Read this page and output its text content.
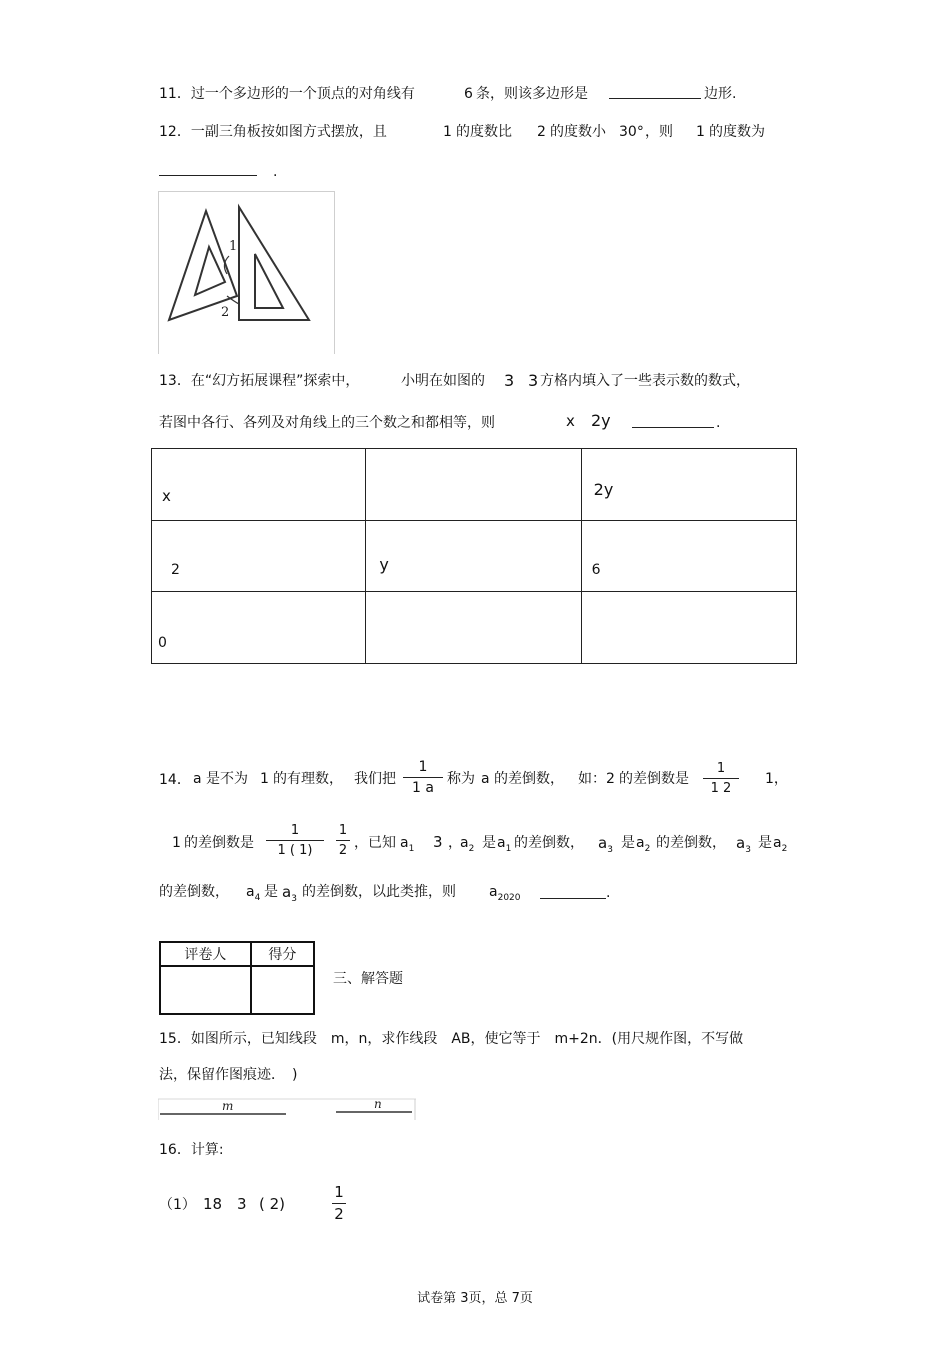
11．过一个多边形的一个顶点的对角线有	6 条，则该多边形是	边形.
12．一副三角板按如图方式摆放，且	1 的度数比 2 的度数小 30° ，则 1 的度数为
.
1
2
13．在“幻方拓展课程”探索中，	小明在如图的 3 3 方格内填入了一些表示数的数式，
若图中各行、各列及对角线上的三个数之和都相等，则	x 2y	.
x		2y

2	y	6

0		

14． a 是不为 1 的有理数， 我们把
1
1 a
称为 a 的差倒数， 如：2 的差倒数是
1
1 2
1，
1 的差倒数是
1
1 ( 1)
1
2 ，已知 $a_1$ 3 ，
$a_2$ 是 $a_1$ 的差倒数， $a_3$ 是 $a_2$ 的差倒数， $a_3$ 是 $a_2$
的差倒数， $a_4$ 是 $a_3$ 的差倒数，以此类推，则 $a_{2020}$	.
评卷人	得分

三、解答题
15．如图所示，已知线段　m，n，求作线段　AB，使它等于　m+2n．(用尺规作图，不写做
法，保留作图痕迹．　)
m	n
16．计算:
（1） 18 3 ( 2)
1
2
试卷第 3页，总 7页
